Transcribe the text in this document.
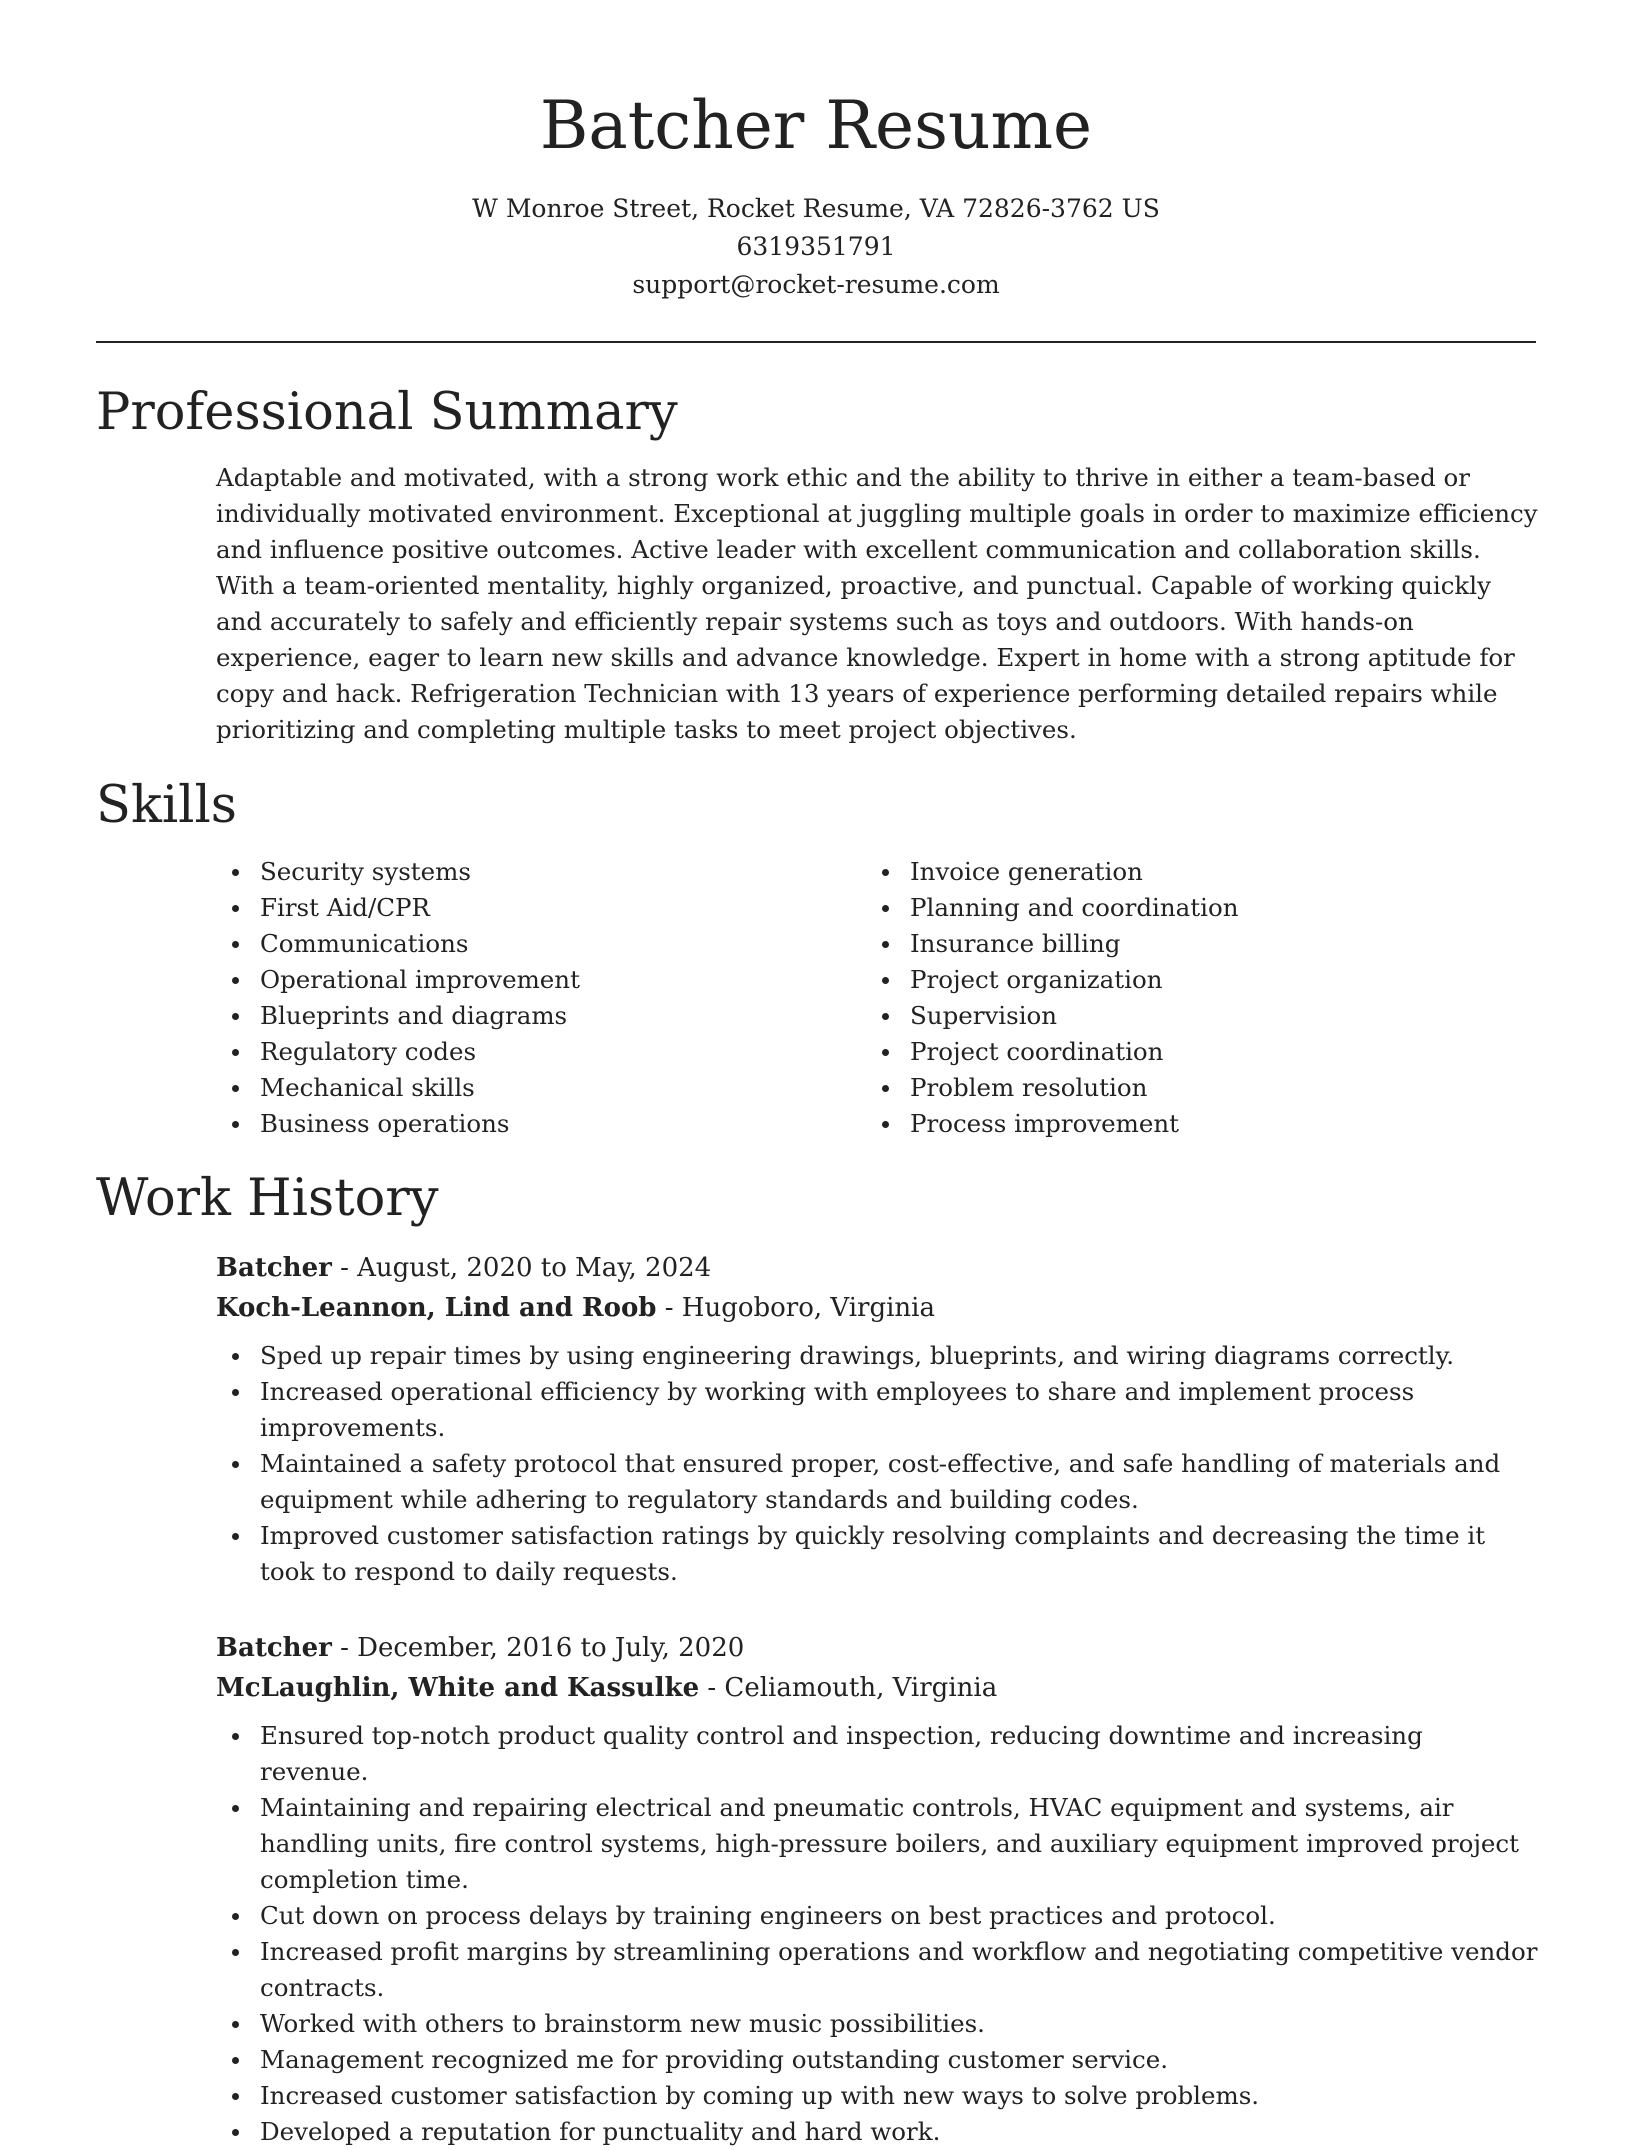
Batcher Resume
W Monroe Street, Rocket Resume, VA 72826-3762 US
6319351791
support@rocket-resume.com
Professional Summary

Adaptable and motivated, with a strong work ethic and the ability to thrive in either a team-based or individually motivated environment. Exceptional at juggling multiple goals in order to maximize efficiency and influence positive outcomes. Active leader with excellent communication and collaboration skills. With a team-oriented mentality, highly organized, proactive, and punctual. Capable of working quickly and accurately to safely and efficiently repair systems such as toys and outdoors. With hands-on experience, eager to learn new skills and advance knowledge. Expert in home with a strong aptitude for copy and hack. Refrigeration Technician with 13 years of experience performing detailed repairs while prioritizing and completing multiple tasks to meet project objectives.

Skills
Security systems
First Aid/CPR
Communications
Operational improvement
Blueprints and diagrams
Regulatory codes
Mechanical skills
Business operations
Invoice generation
Planning and coordination
Insurance billing
Project organization
Supervision
Project coordination
Problem resolution
Process improvement
Work History
Batcher - August, 2020 to May, 2024
Koch-Leannon, Lind and Roob - Hugoboro, Virginia
Sped up repair times by using engineering drawings, blueprints, and wiring diagrams correctly.
Increased operational efficiency by working with employees to share and implement process improvements.
Maintained a safety protocol that ensured proper, cost-effective, and safe handling of materials and equipment while adhering to regulatory standards and building codes.
Improved customer satisfaction ratings by quickly resolving complaints and decreasing the time it took to respond to daily requests.
Batcher - December, 2016 to July, 2020
McLaughlin, White and Kassulke - Celiamouth, Virginia
Ensured top-notch product quality control and inspection, reducing downtime and increasing revenue.
Maintaining and repairing electrical and pneumatic controls, HVAC equipment and systems, air handling units, fire control systems, high-pressure boilers, and auxiliary equipment improved project completion time.
Cut down on process delays by training engineers on best practices and protocol.
Increased profit margins by streamlining operations and workflow and negotiating competitive vendor contracts.
Worked with others to brainstorm new music possibilities.
Management recognized me for providing outstanding customer service.
Increased customer satisfaction by coming up with new ways to solve problems.
Developed a reputation for punctuality and hard work.
